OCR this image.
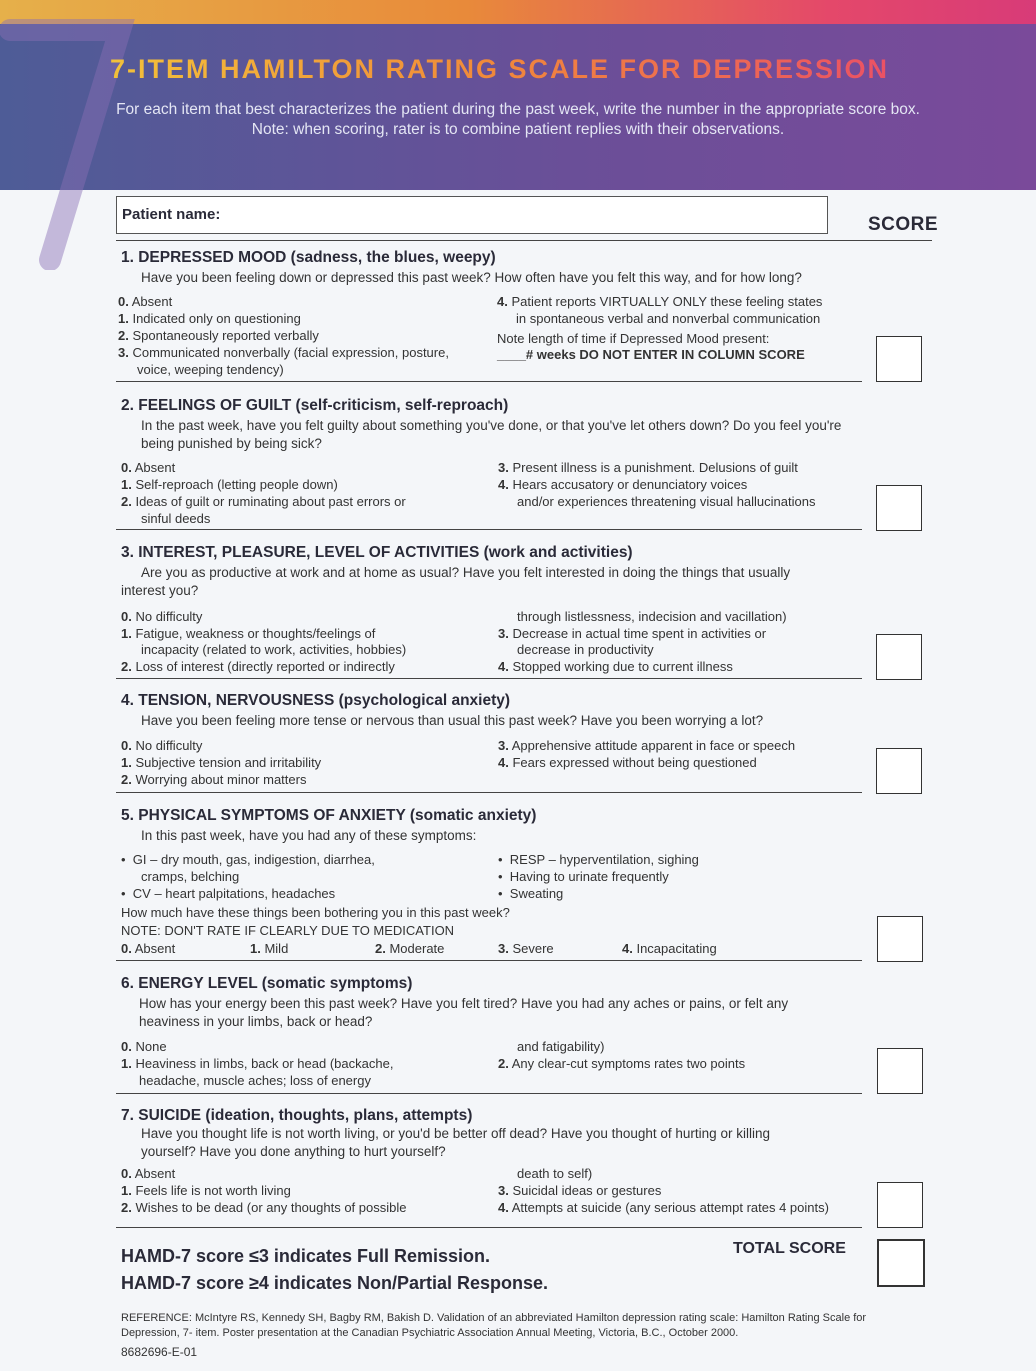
7-ITEM HAMILTON RATING SCALE FOR DEPRESSION
For each item that best characterizes the patient during the past week, write the number in the appropriate score box. Note: when scoring, rater is to combine patient replies with their observations.
Patient name:	SCORE
1. DEPRESSED MOOD (sadness, the blues, weepy)
Have you been feeling down or depressed this past week? How often have you felt this way, and for how long?
0. Absent
1. Indicated only on questioning
2. Spontaneously reported verbally
3. Communicated nonverbally (facial expression, posture,
voice, weeping tendency)
4. Patient reports VIRTUALLY ONLY these feeling states
in spontaneous verbal and nonverbal communication
Note length of time if Depressed Mood present:
____# weeks DO NOT ENTER IN COLUMN SCORE
2. FEELINGS OF GUILT (self-criticism, self-reproach)
In the past week, have you felt guilty about something you've done, or that you've let others down? Do you feel you're being punished by being sick?
0. Absent
1. Self-reproach (letting people down)
2. Ideas of guilt or ruminating about past errors or
sinful deeds
3. Present illness is a punishment. Delusions of guilt
4. Hears accusatory or denunciatory voices
and/or experiences threatening visual hallucinations
3. INTEREST, PLEASURE, LEVEL OF ACTIVITIES (work and activities)
Are you as productive at work and at home as usual? Have you felt interested in doing the things that usually interest you?
0. No difficulty
1. Fatigue, weakness or thoughts/feelings of
incapacity (related to work, activities, hobbies)
2. Loss of interest (directly reported or indirectly
through listlessness, indecision and vacillation)
3. Decrease in actual time spent in activities or
decrease in productivity
4. Stopped working due to current illness
4. TENSION, NERVOUSNESS (psychological anxiety)
Have you been feeling more tense or nervous than usual this past week? Have you been worrying a lot?
0. No difficulty
1. Subjective tension and irritability
2. Worrying about minor matters
3. Apprehensive attitude apparent in face or speech
4. Fears expressed without being questioned
5. PHYSICAL SYMPTOMS OF ANXIETY (somatic anxiety)
In this past week, have you had any of these symptoms:
• GI – dry mouth, gas, indigestion, diarrhea,
cramps, belching
• CV – heart palpitations, headaches
• RESP – hyperventilation, sighing
• Having to urinate frequently
• Sweating
How much have these things been bothering you in this past week?
NOTE: DON'T RATE IF CLEARLY DUE TO MEDICATION
0. Absent	1. Mild	2. Moderate	3. Severe	4. Incapacitating
6. ENERGY LEVEL (somatic symptoms)
How has your energy been this past week? Have you felt tired? Have you had any aches or pains, or felt any heaviness in your limbs, back or head?
0. None
1. Heaviness in limbs, back or head (backache,
headache, muscle aches; loss of energy
and fatigability)
2. Any clear-cut symptoms rates two points
7. SUICIDE (ideation, thoughts, plans, attempts)
Have you thought life is not worth living, or you'd be better off dead? Have you thought of hurting or killing yourself? Have you done anything to hurt yourself?
0. Absent
1. Feels life is not worth living
2. Wishes to be dead (or any thoughts of possible
death to self)
3. Suicidal ideas or gestures
4. Attempts at suicide (any serious attempt rates 4 points)
HAMD-7 score ≤3 indicates Full Remission.
HAMD-7 score ≥4 indicates Non/Partial Response.
TOTAL SCORE
REFERENCE: McIntyre RS, Kennedy SH, Bagby RM, Bakish D. Validation of an abbreviated Hamilton depression rating scale: Hamilton Rating Scale for Depression, 7- item. Poster presentation at the Canadian Psychiatric Association Annual Meeting, Victoria, B.C., October 2000.
8682696-E-01
